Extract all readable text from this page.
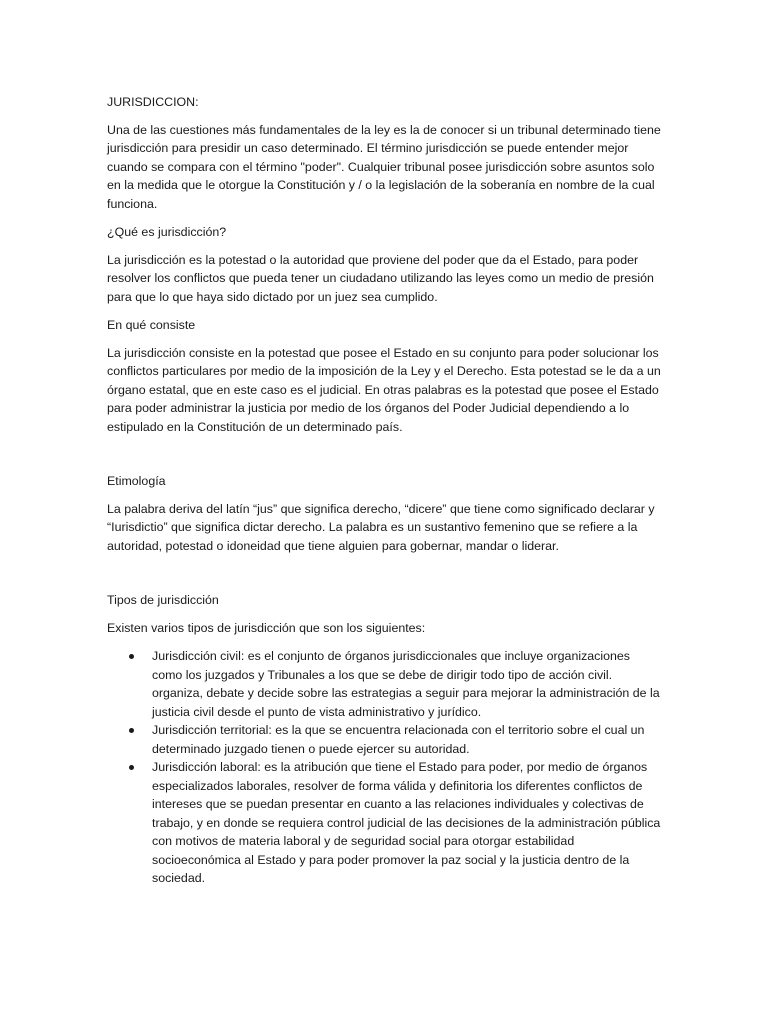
JURISDICCION:

Una de las cuestiones más fundamentales de la ley es la de conocer si un tribunal determinado tiene jurisdicción para presidir un caso determinado. El término jurisdicción se puede entender mejor cuando se compara con el término "poder". Cualquier tribunal posee jurisdicción sobre asuntos solo en la medida que le otorgue la Constitución y / o la legislación de la soberanía en nombre de la cual funciona.

¿Qué es jurisdicción?

La jurisdicción es la potestad o la autoridad que proviene del poder que da el Estado, para poder resolver los conflictos que pueda tener un ciudadano utilizando las leyes como un medio de presión para que lo que haya sido dictado por un juez sea cumplido.

En qué consiste

La jurisdicción consiste en la potestad que posee el Estado en su conjunto para poder solucionar los conflictos particulares por medio de la imposición de la Ley y el Derecho. Esta potestad se le da a un órgano estatal, que en este caso es el judicial. En otras palabras es la potestad que posee el Estado para poder administrar la justicia por medio de los órganos del Poder Judicial dependiendo a lo estipulado en la Constitución de un determinado país.

Etimología

La palabra deriva del latín “jus” que significa derecho, “dicere” que tiene como significado declarar y “Iurisdictio” que significa dictar derecho. La palabra es un sustantivo femenino que se refiere a la autoridad, potestad o idoneidad que tiene alguien para gobernar, mandar o liderar.

Tipos de jurisdicción

Existen varios tipos de jurisdicción que son los siguientes:

Jurisdicción civil: es el conjunto de órganos jurisdiccionales que incluye organizaciones como los juzgados y Tribunales a los que se debe de dirigir todo tipo de acción civil. organiza, debate y decide sobre las estrategias a seguir para mejorar la administración de la justicia civil desde el punto de vista administrativo y jurídico.
Jurisdicción territorial: es la que se encuentra relacionada con el territorio sobre el cual un determinado juzgado tienen o puede ejercer su autoridad.
Jurisdicción laboral: es la atribución que tiene el Estado para poder, por medio de órganos especializados laborales, resolver de forma válida y definitoria los diferentes conflictos de intereses que se puedan presentar en cuanto a las relaciones individuales y colectivas de trabajo, y en donde se requiera control judicial de las decisiones de la administración pública con motivos de materia laboral y de seguridad social para otorgar estabilidad socioeconómica al Estado y para poder promover la paz social y la justicia dentro de la sociedad.
